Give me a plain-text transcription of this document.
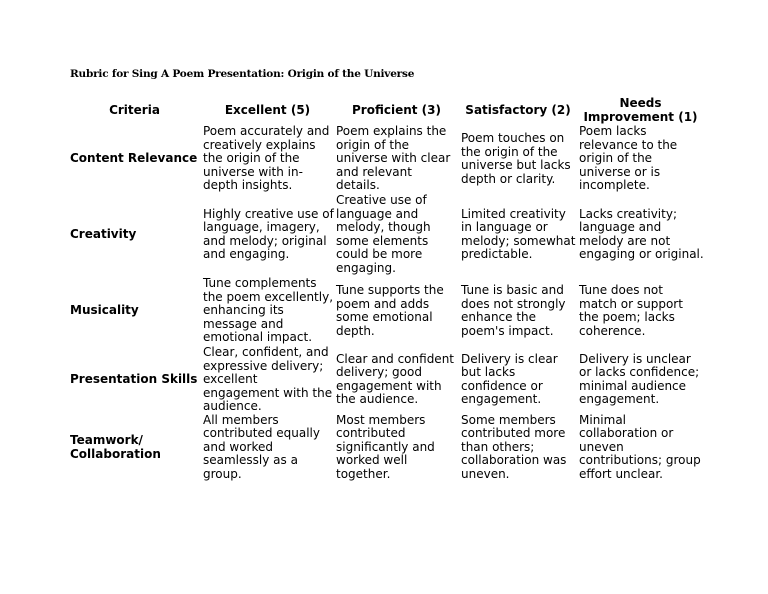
Rubric for Sing A Poem Presentation: Origin of the Universe
Criteria	Excellent (5)	Proficient (3)	Satisfactory (2)	Needs Improvement (1)
Content Relevance	Poem accurately and creatively explains the origin of the universe with in-depth insights.	Poem explains the origin of the universe with clear and relevant details.	Poem touches on the origin of the universe but lacks depth or clarity.	Poem lacks relevance to the origin of the universe or is incomplete.
Creativity	Highly creative use of language, imagery, and melody; original and engaging.	Creative use of language and melody, though some elements could be more engaging.	Limited creativity in language or melody; somewhat predictable.	Lacks creativity; language and melody are not engaging or original.
Musicality	Tune complements the poem excellently, enhancing its message and emotional impact.	Tune supports the poem and adds some emotional depth.	Tune is basic and does not strongly enhance the poem's impact.	Tune does not match or support the poem; lacks coherence.
Presentation Skills	Clear, confident, and expressive delivery; excellent engagement with the audience.	Clear and confident delivery; good engagement with the audience.	Delivery is clear but lacks confidence or engagement.	Delivery is unclear or lacks confidence; minimal audience engagement.
Teamwork/ Collaboration	All members contributed equally and worked seamlessly as a group.	Most members contributed significantly and worked well together.	Some members contributed more than others; collaboration was uneven.	Minimal collaboration or uneven contributions; group effort unclear.
